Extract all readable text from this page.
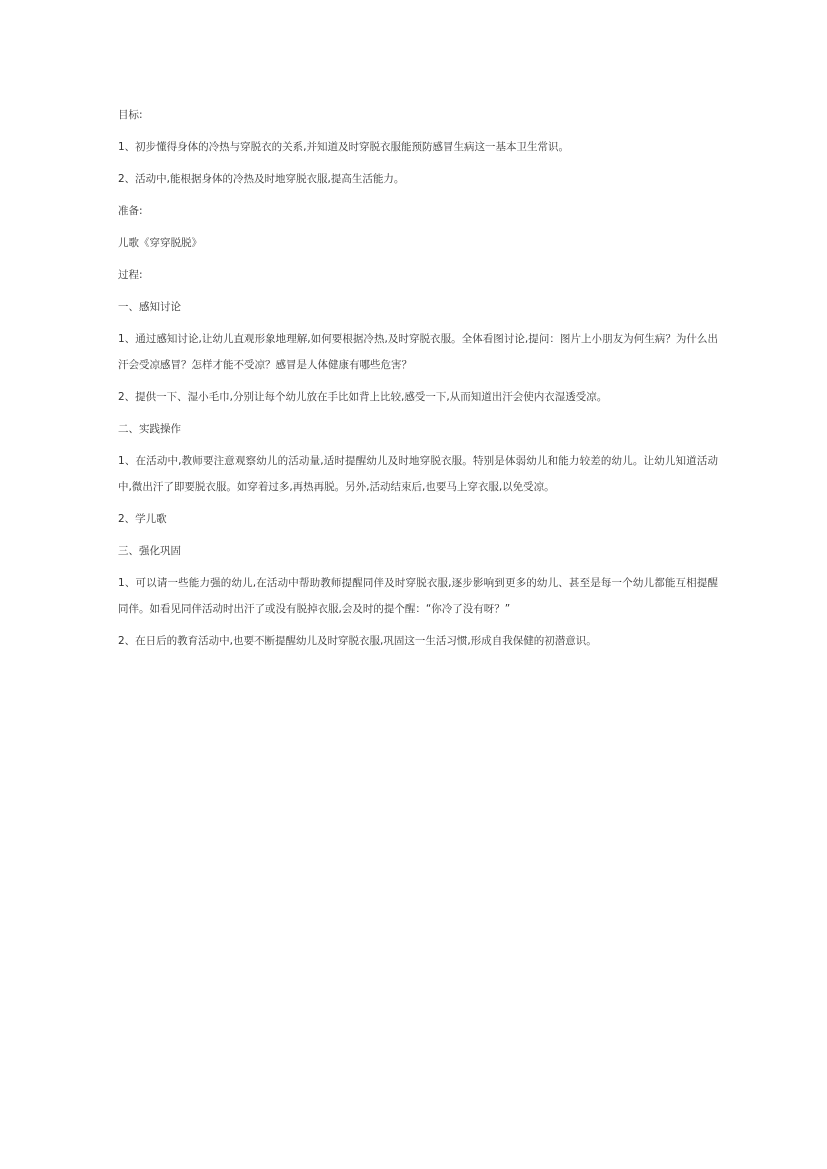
目标:

1、初步懂得身体的冷热与穿脱衣的关系,并知道及时穿脱衣服能预防感冒生病这一基本卫生常识。

2、活动中,能根据身体的冷热及时地穿脱衣服,提高生活能力。

准备:

儿歌《穿穿脱脱》

过程:

一、感知讨论

1、通过感知讨论,让幼儿直观形象地理解,如何要根据冷热,及时穿脱衣服。全体看图讨论,提问：图片上小朋友为何生病？为什么出汗会受凉感冒？怎样才能不受凉？感冒是人体健康有哪些危害？

2、提供一下、湿小毛巾,分别让每个幼儿放在手比如背上比较,感受一下,从而知道出汗会使内衣湿透受凉。

二、实践操作

1、在活动中,教师要注意观察幼儿的活动量,适时提醒幼儿及时地穿脱衣服。特别是体弱幼儿和能力较差的幼儿。让幼儿知道活动中,微出汗了即要脱衣服。如穿着过多,再热再脱。另外,活动结束后,也要马上穿衣服,以免受凉。

2、学儿歌

三、强化巩固

1、可以请一些能力强的幼儿,在活动中帮助教师提醒同伴及时穿脱衣服,逐步影响到更多的幼儿、甚至是每一个幼儿都能互相提醒同伴。如看见同伴活动时出汗了或没有脱掉衣服,会及时的提个醒：“你冷了没有呀？”

2、在日后的教育活动中,也要不断提醒幼儿及时穿脱衣服,巩固这一生活习惯,形成自我保健的初潜意识。
